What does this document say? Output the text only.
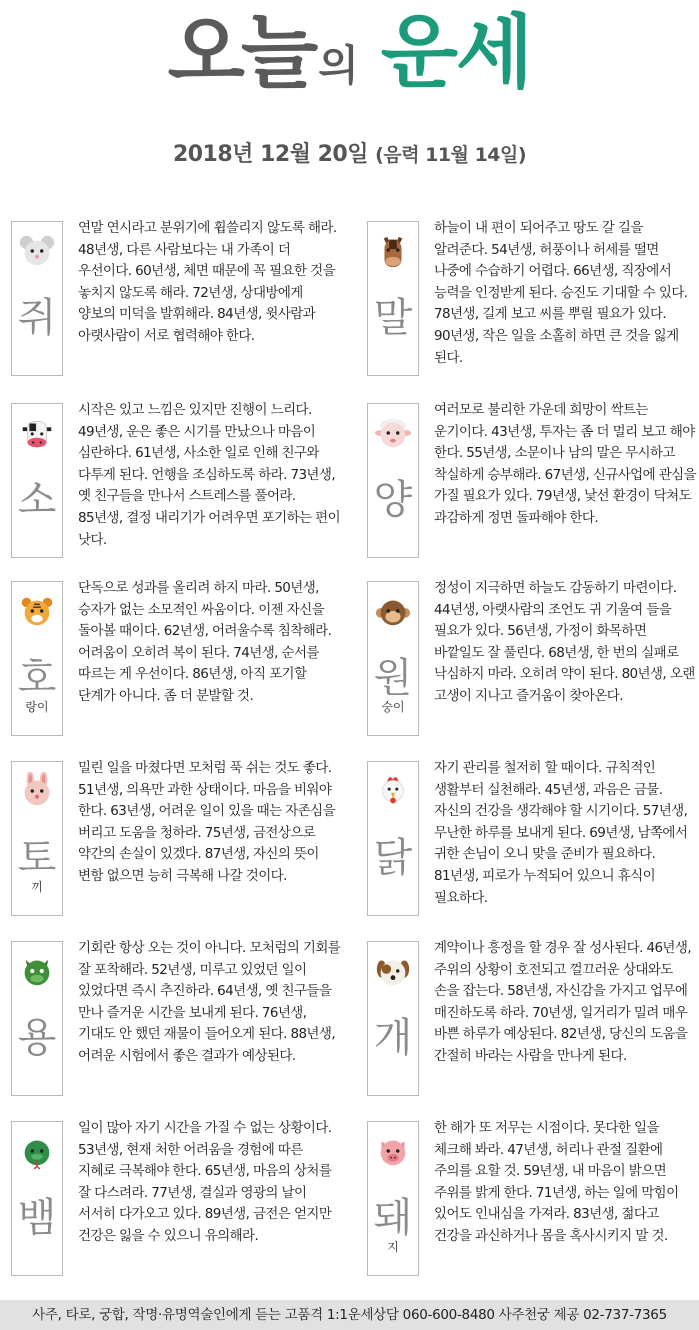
오늘 의 운세
2018년 12월 20일 (음력 11월 14일)
쥐
연말 연시라고 분위기에 휩쓸리지 않도록 해라. 48년생, 다른 사람보다는 내 가족이 더 우선이다. 60년생, 체면 때문에 꼭 필요한 것을 놓치지 않도록 해라. 72년생, 상대방에게 양보의 미덕을 발휘해라. 84년생, 윗사람과 아랫사람이 서로 협력해야 한다.	말
하늘이 내 편이 되어주고 땅도 갈 길을 알려준다. 54년생, 허풍이나 허세를 떨면 나중에 수습하기 어렵다. 66년생, 직장에서 능력을 인정받게 된다. 승진도 기대할 수 있다. 78년생, 길게 보고 씨를 뿌릴 필요가 있다. 90년생, 작은 일을 소홀히 하면 큰 것을 잃게 된다.
소
시작은 있고 느낌은 있지만 진행이 느리다. 49년생, 운은 좋은 시기를 만났으나 마음이 심란하다. 61년생, 사소한 일로 인해 친구와 다투게 된다. 언행을 조심하도록 하라. 73년생, 옛 친구들을 만나서 스트레스를 풀어라. 85년생, 결정 내리기가 어려우면 포기하는 편이 낫다.
양
여러모로 불리한 가운데 희망이 싹트는 운기이다. 43년생, 투자는 좀 더 멀리 보고 해야 한다. 55년생, 소문이나 남의 말은 무시하고 착실하게 승부해라. 67년생, 신규사업에 관심을 가질 필요가 있다. 79년생, 낯선 환경이 닥쳐도 과감하게 정면 돌파해야 한다.
호
랑이
단독으로 성과를 올리려 하지 마라. 50년생, 승자가 없는 소모적인 싸움이다. 이젠 자신을 돌아볼 때이다. 62년생, 어려울수록 침착해라. 어려움이 오히려 복이 된다. 74년생, 순서를 따르는 게 우선이다. 86년생, 아직 포기할 단계가 아니다. 좀 더 분발할 것.	원
숭이
정성이 지극하면 하늘도 감동하기 마련이다. 44년생, 아랫사람의 조언도 귀 기울여 들을 필요가 있다. 56년생, 가정이 화목하면 바깥일도 잘 풀린다. 68년생, 한 번의 실패로 낙심하지 마라. 오히려 약이 된다. 80년생, 오랜 고생이 지나고 즐거움이 찾아온다.
토
끼
밀린 일을 마쳤다면 모처럼 푹 쉬는 것도 좋다. 51년생, 의욕만 과한 상태이다. 마음을 비워야 한다. 63년생, 어려운 일이 있을 때는 자존심을 버리고 도움을 청하라. 75년생, 금전상으로 약간의 손실이 있겠다. 87년생, 자신의 뜻이 변함 없으면 능히 극복해 나갈 것이다.	닭
자기 관리를 철저히 할 때이다. 규칙적인 생활부터 실천해라. 45년생, 과음은 금물. 자신의 건강을 생각해야 할 시기이다. 57년생, 무난한 하루를 보내게 된다. 69년생, 남쪽에서 귀한 손님이 오니 맞을 준비가 필요하다. 81년생, 피로가 누적되어 있으니 휴식이 필요하다.
용
기회란 항상 오는 것이 아니다. 모처럼의 기회를 잘 포착해라. 52년생, 미루고 있었던 일이 있었다면 즉시 추진하라. 64년생, 옛 친구들을 만나 즐거운 시간을 보내게 된다. 76년생, 기대도 안 했던 재물이 들어오게 된다. 88년생, 어려운 시험에서 좋은 결과가 예상된다.	개
계약이나 흥정을 할 경우 잘 성사된다. 46년생, 주위의 상황이 호전되고 껄끄러운 상대와도 손을 잡는다. 58년생, 자신감을 가지고 업무에 매진하도록 하라. 70년생, 일거리가 밀려 매우 바쁜 하루가 예상된다. 82년생, 당신의 도움을 간절히 바라는 사람을 만나게 된다.
뱀
일이 많아 자기 시간을 가질 수 없는 상황이다. 53년생, 현재 처한 어려움을 경험에 따른 지혜로 극복해야 한다. 65년생, 마음의 상처를 잘 다스려라. 77년생, 결실과 영광의 날이 서서히 다가오고 있다. 89년생, 금전은 얻지만 건강은 잃을 수 있으니 유의해라.	돼
지
한 해가 또 저무는 시점이다. 못다한 일을 체크해 봐라. 47년생, 허리나 관절 질환에 주의를 요할 것. 59년생, 내 마음이 밝으면 주위를 밝게 한다. 71년생, 하는 일에 막힘이 있어도 인내심을 가져라. 83년생, 젊다고 건강을 과신하거나 몸을 혹사시키지 말 것.
사주, 타로, 궁합, 작명·유명역술인에게 듣는 고품격 1:1운세상담 060-600-8480 사주천궁 제공 02-737-7365
